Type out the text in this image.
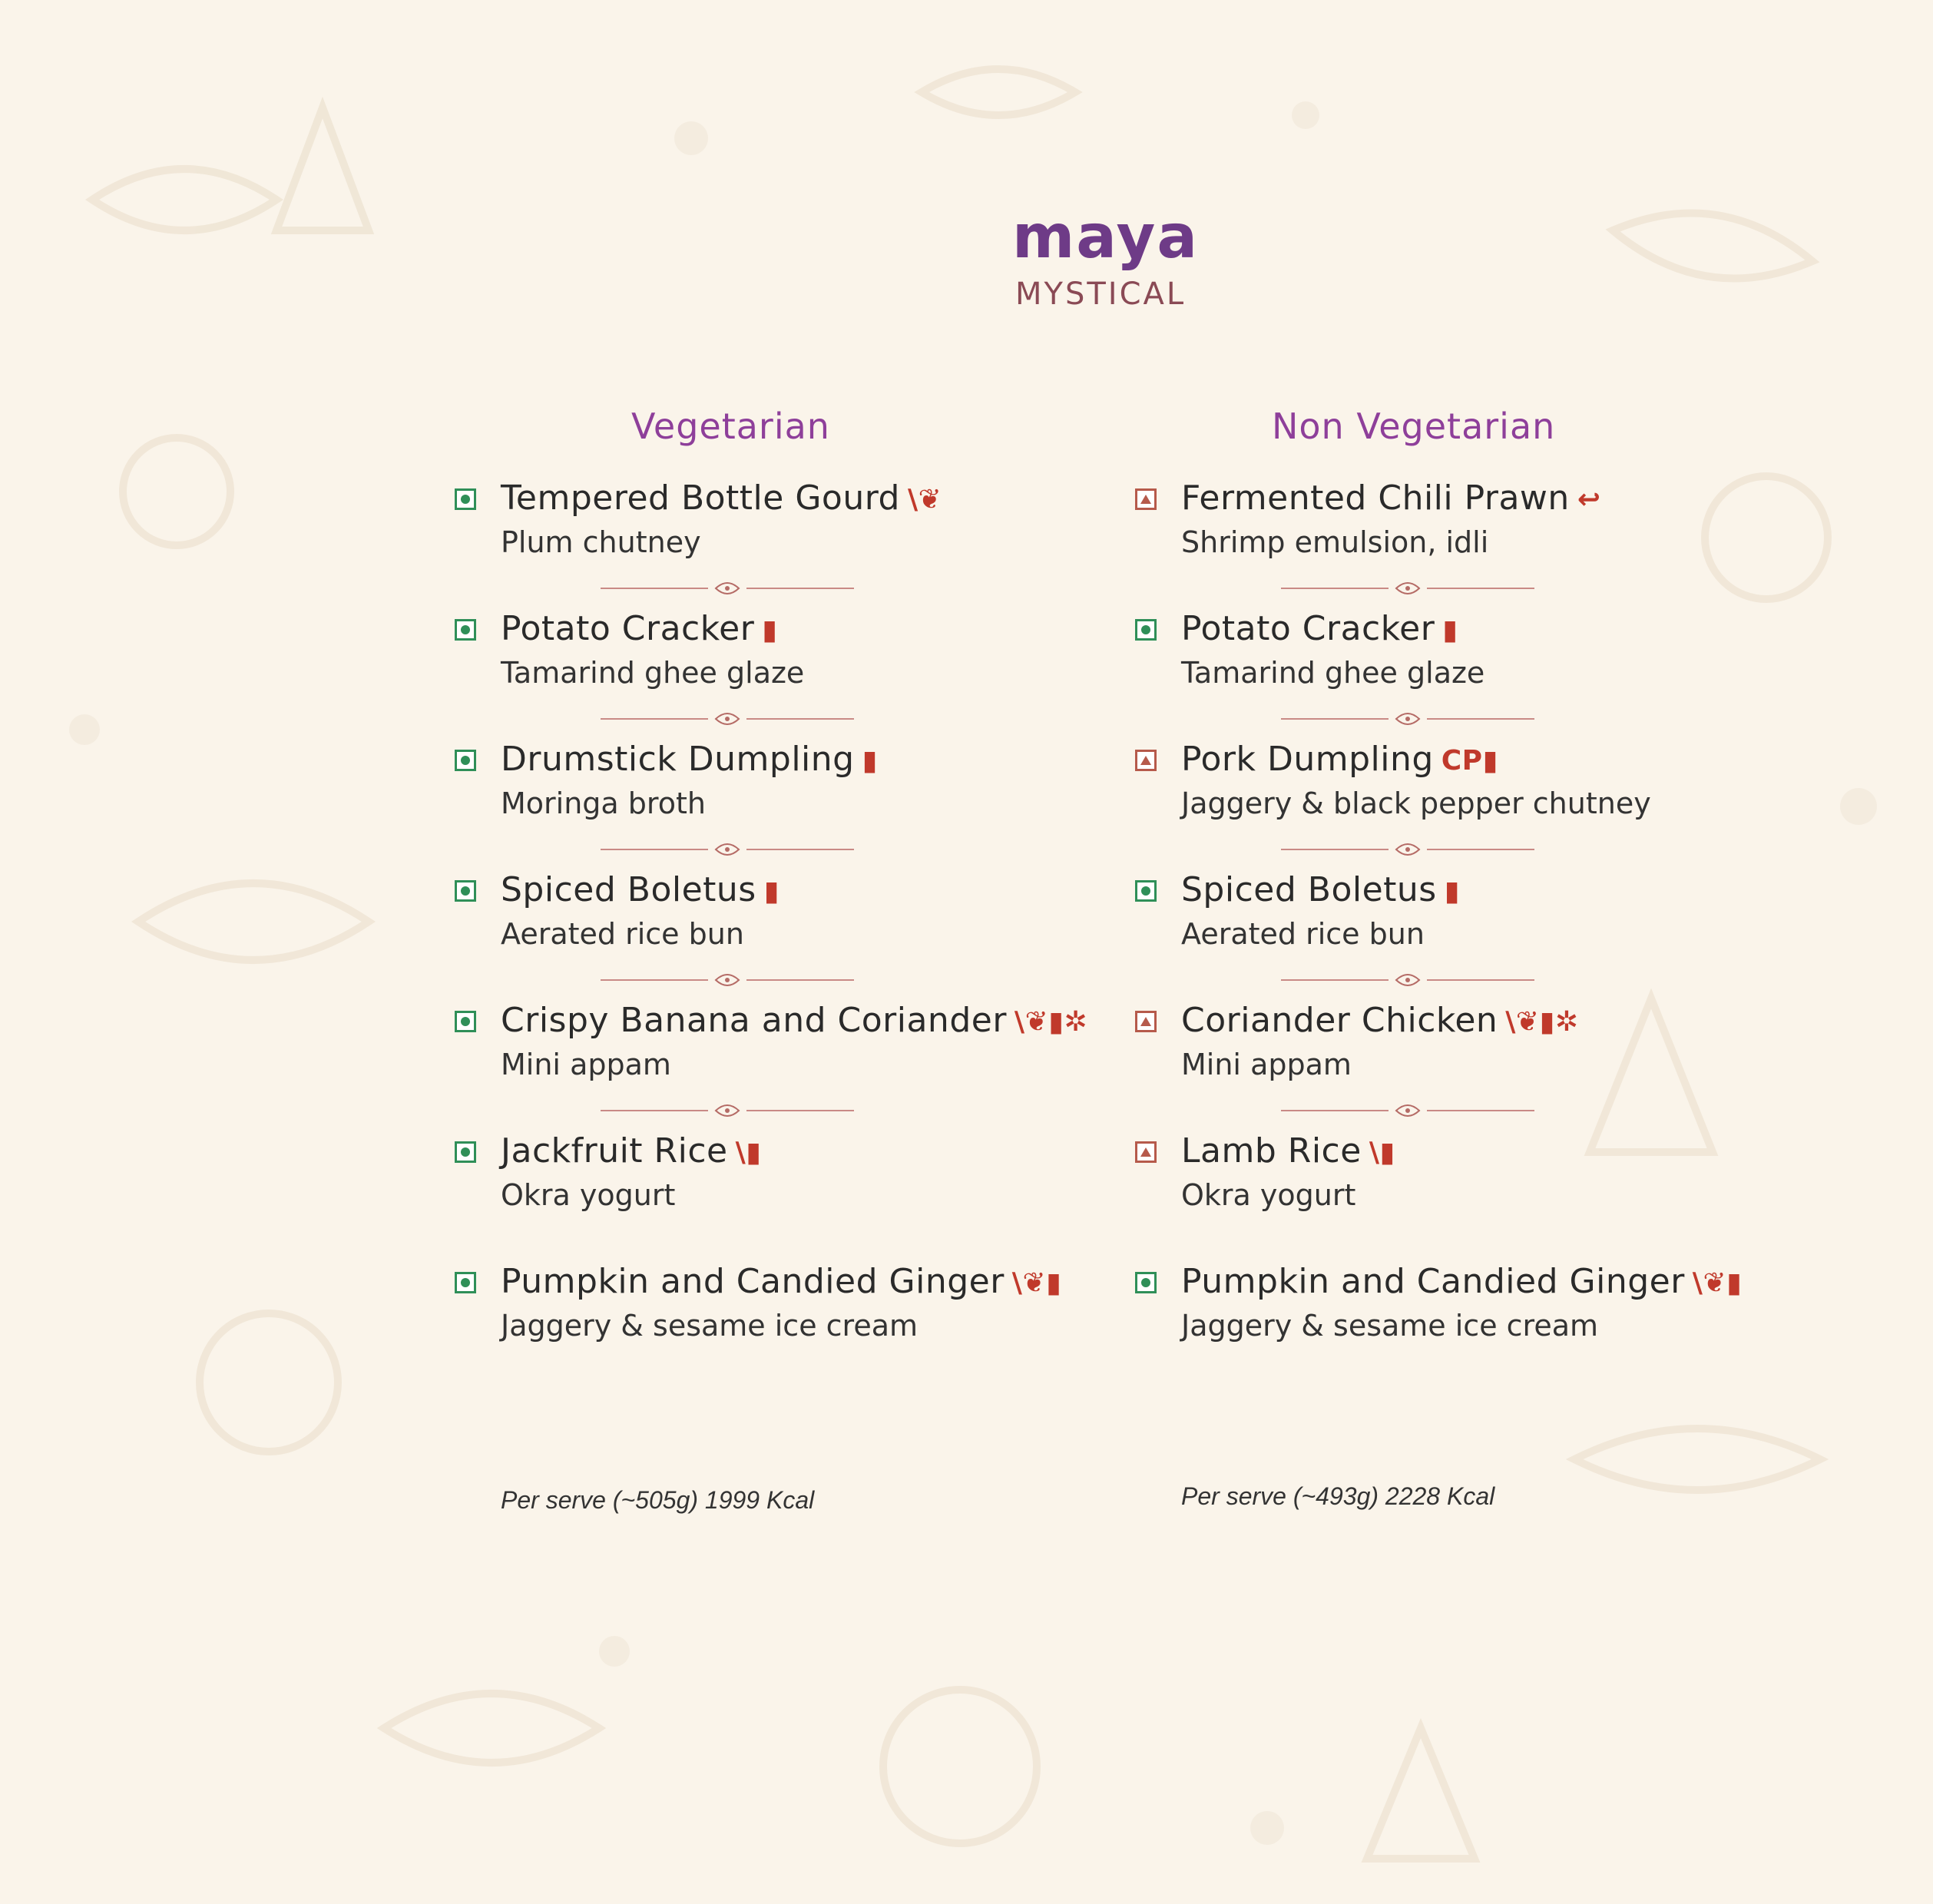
maya
MYSTICAL
Vegetarian
Tempered Bottle Gourd \❦
Plum chutney
Potato Cracker ▮
Tamarind ghee glaze
Drumstick Dumpling ▮
Moringa broth
Spiced Boletus ▮
Aerated rice bun
Crispy Banana and Coriander \❦▮✲
Mini appam
Jackfruit Rice \▮
Okra yogurt
Pumpkin and Candied Ginger \❦▮
Jaggery & sesame ice cream
Non Vegetarian
Fermented Chili Prawn ↩
Shrimp emulsion, idli
Potato Cracker ▮
Tamarind ghee glaze
Pork Dumpling CP▮
Jaggery & black pepper chutney
Spiced Boletus ▮
Aerated rice bun
Coriander Chicken \❦▮✲
Mini appam
Lamb Rice \▮
Okra yogurt
Pumpkin and Candied Ginger \❦▮
Jaggery & sesame ice cream
Per serve (~505g) 1999 Kcal	Per serve (~493g) 2228 Kcal
